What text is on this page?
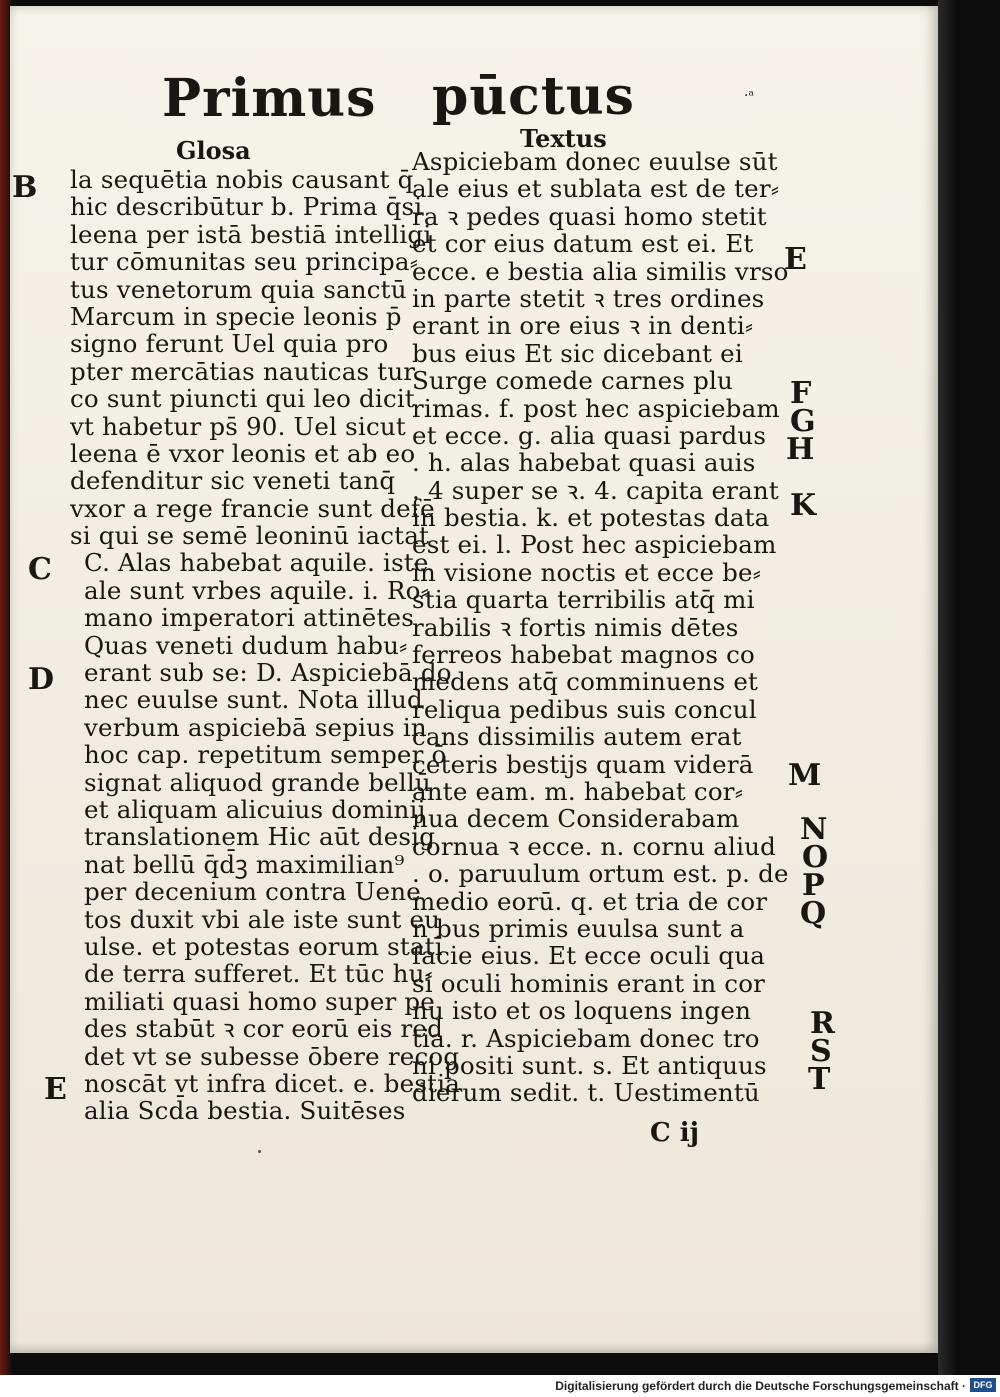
Primus pūctus	·ᵃ
Glosa	Textus
la sequētia nobis causant q̄
hic describūtur b. Prima q̄si
leena per istā bestiā intelligi
tur cōmunitas seu principa⸗
tus venetorum quia sanctū
Marcum in specie leonis p̄
signo ferunt Uel quia pro
pter mercātias nauticas tur
co sunt piuncti qui leo dicit
vt habetur ps̄ 90. Uel sicut
leena ē vxor leonis et ab eo
defenditur sic veneti tanq̄
vxor a rege francie sunt defē
si qui se semē leoninū iactat
C. Alas habebat aquile. iste
ale sunt vrbes aquile. i. Ro⸗
mano imperatori attinētes
Quas veneti dudum habu⸗
erant sub se: D. Aspiciebā do
nec euulse sunt. Nota illud
verbum aspiciebā sepius in
hoc cap. repetitum semper ō
signat aliquod grande bellū
et aliquam alicuius dominij
translationem Hic aūt desig
nat bellū q̄d̄ꝫ maximilian⁹
per decenium contra Uene
tos duxit vbi ale iste sunt eu
ulse. et potestas eorum statī
de terra sufferet. Et tūc hu⸗
miliati quasi homo super pe
des stabūt ꝛ cor eorū eis red
det vt se subesse ōbere recog
noscāt vt infra dicet. e. bestia
alia Scd̄a bestia. Suitēses
Aspiciebam donec euulse sūt
ale eius et sublata est de ter⸗
ra ꝛ pedes quasi homo stetit
et cor eius datum est ei. Et
ecce. e bestia alia similis vrso
in parte stetit ꝛ tres ordines
erant in ore eius ꝛ in denti⸗
bus eius Et sic dicebant ei
Surge comede carnes plu
rimas. f. post hec aspiciebam
et ecce. g. alia quasi pardus
. h. alas habebat quasi auis
. 4 super se ꝛ. 4. capita erant
in bestia. k. et potestas data
est ei. l. Post hec aspiciebam
in visione noctis et ecce be⸗
stia quarta terribilis atq̄ mi
rabilis ꝛ fortis nimis dētes
ferreos habebat magnos co
medens atq̄ comminuens et
reliqua pedibus suis concul
cans dissimilis autem erat
ceteris bestijs quam viderā
ante eam. m. habebat cor⸗
nua decem Considerabam
cornua ꝛ ecce. n. cornu aliud
. o. paruulum ortum est. p. de
medio eorū. q. et tria de cor
n bus primis euulsa sunt a
facie eius. Et ecce oculi qua
si oculi hominis erant in cor
nu isto et os loquens ingen
tia. r. Aspiciebam donec tro
ni positi sunt. s. Et antiquus
dierum sedit. t. Uestimentū
B
C
D
E
E
F
G
H
K
M
N
O
P
Q
R
S
T
C ij
Digitalisierung gefördert durch die Deutsche Forschungsgemeinschaft · DFG
